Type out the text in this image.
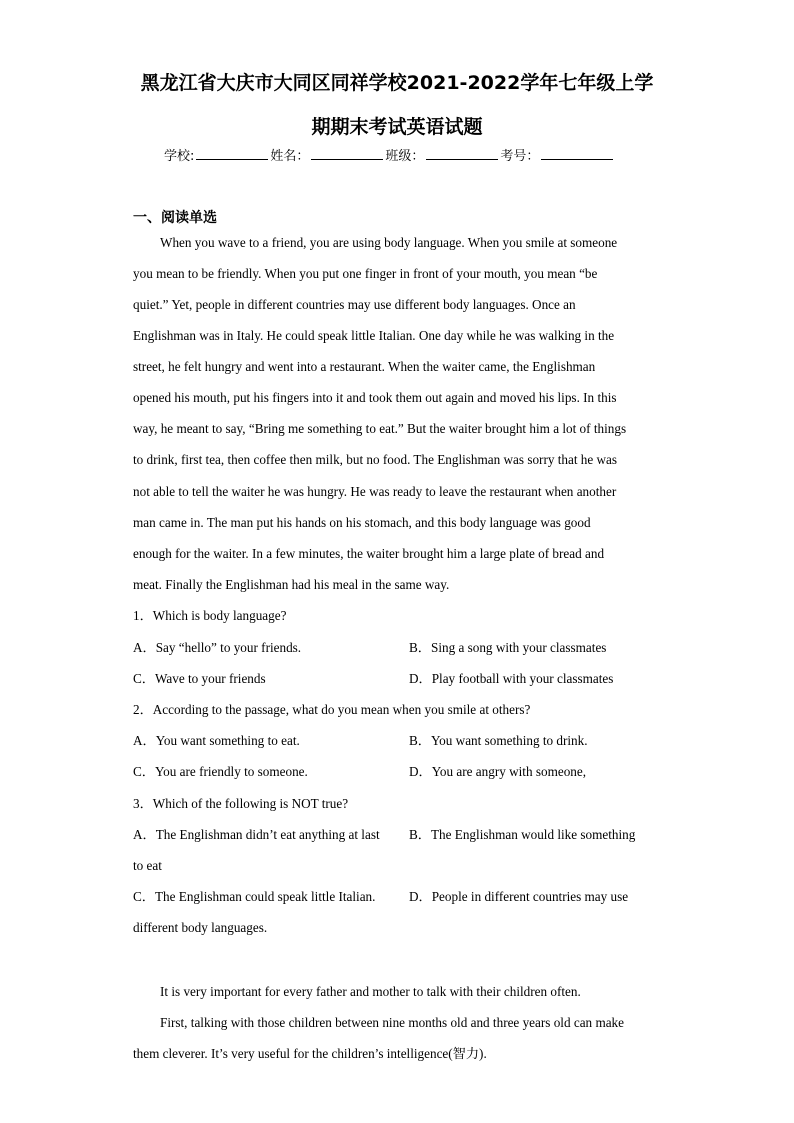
黑龙江省大庆市大同区同祥学校2021-2022学年七年级上学
期期末考试英语试题
学校:	姓名：	班级：	考号：
一、阅读单选
When you wave to a friend, you are using body language. When you smile at someone
you mean to be friendly. When you put one finger in front of your mouth, you mean “be
quiet.” Yet, people in different countries may use different body languages. Once an
Englishman was in Italy. He could speak little Italian. One day while he was walking in the
street, he felt hungry and went into a restaurant. When the waiter came, the Englishman
opened his mouth, put his fingers into it and took them out again and moved his lips. In this
way, he meant to say, “Bring me something to eat.” But the waiter brought him a lot of things
to drink, first tea, then coffee then milk, but no food. The Englishman was sorry that he was
not able to tell the waiter he was hungry. He was ready to leave the restaurant when another
man came in. The man put his hands on his stomach, and this body language was good
enough for the waiter. In a few minutes, the waiter brought him a large plate of bread and
meat. Finally the Englishman had his meal in the same way.
1．Which is body language?
A．Say “hello” to your friends.	B．Sing a song with your classmates
C．Wave to your friends	D．Play football with your classmates
2．According to the passage, what do you mean when you smile at others?
A．You want something to eat.	B．You want something to drink.
C．You are friendly to someone.	D．You are angry with someone,
3．Which of the following is NOT true?
A．The Englishman didn’t eat anything at last	B．The Englishman would like something
to eat
C．The Englishman could speak little Italian.	D．People in different countries may use
different body languages.
It is very important for every father and mother to talk with their children often.
First, talking with those children between nine months old and three years old can make
them cleverer. It’s very useful for the children’s intelligence(智力).
